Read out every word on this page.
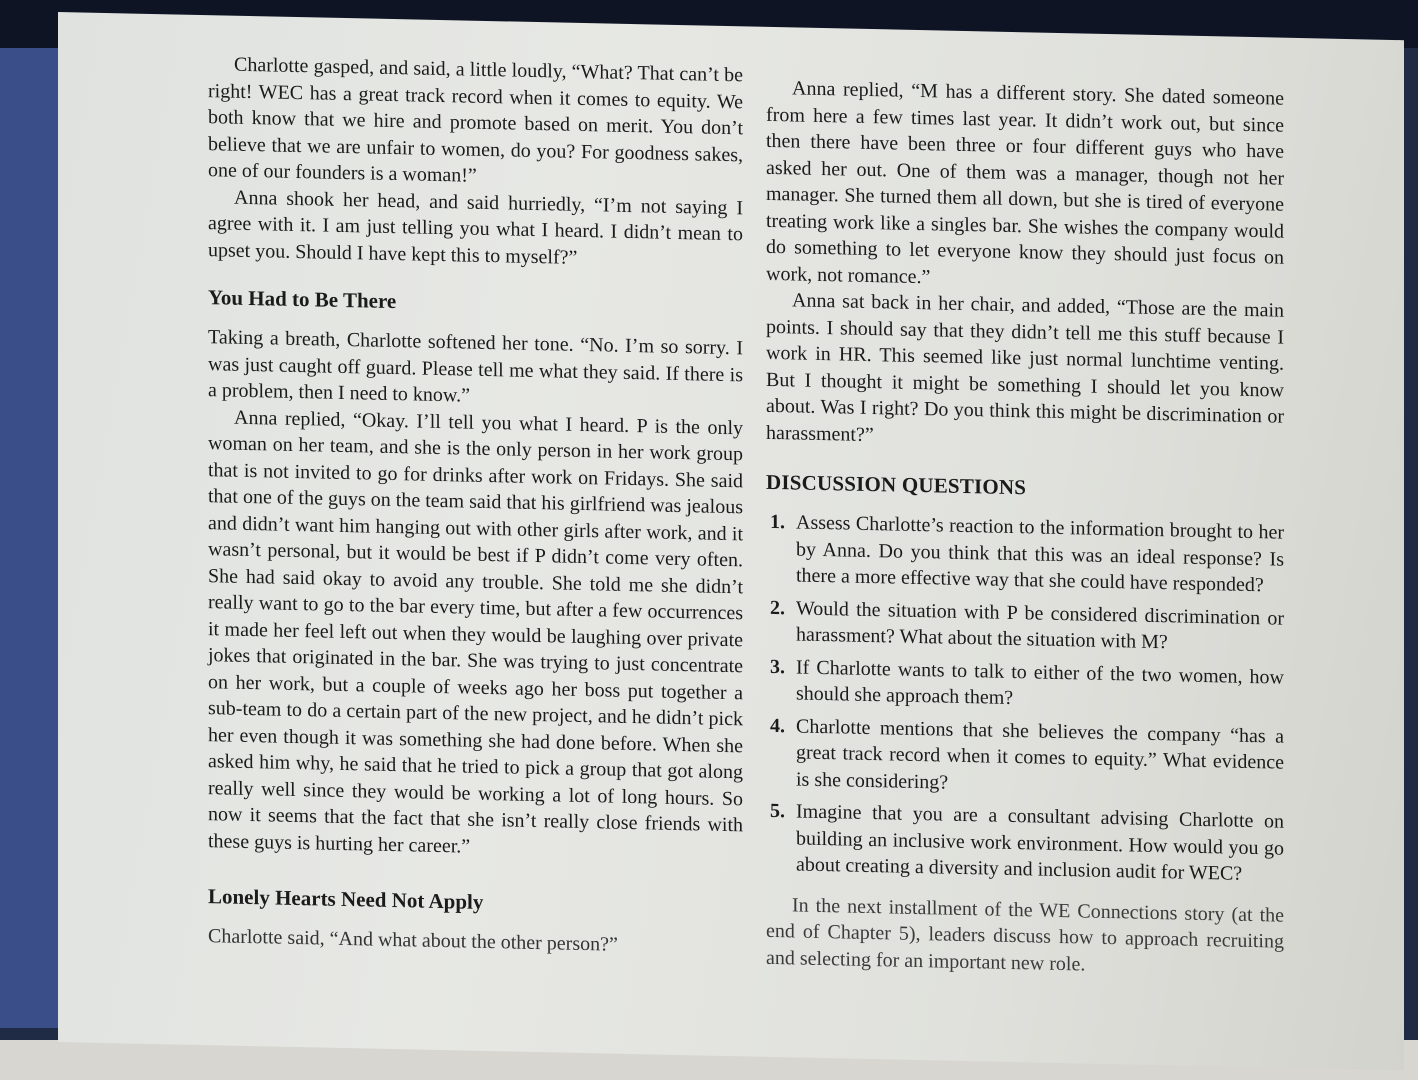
Charlotte gasped, and said, a little loudly, “What? That can’t be right! WEC has a great track record when it comes to equity. We both know that we hire and promote based on merit. You don’t believe that we are unfair to women, do you? For goodness sakes, one of our founders is a woman!”

Anna shook her head, and said hurriedly, “I’m not saying I agree with it. I am just telling you what I heard. I didn’t mean to upset you. Should I have kept this to myself?”

You Had to Be There

Taking a breath, Charlotte softened her tone. “No. I’m so sorry. I was just caught off guard. Please tell me what they said. If there is a problem, then I need to know.”

Anna replied, “Okay. I’ll tell you what I heard. P is the only woman on her team, and she is the only person in her work group that is not invited to go for drinks after work on Fridays. She said that one of the guys on the team said that his girlfriend was jealous and didn’t want him hanging out with other girls after work, and it wasn’t personal, but it would be best if P didn’t come very often. She had said okay to avoid any trouble. She told me she didn’t really want to go to the bar every time, but after a few occurrences it made her feel left out when they would be laughing over private jokes that originated in the bar. She was trying to just concentrate on her work, but a couple of weeks ago her boss put together a sub-team to do a certain part of the new project, and he didn’t pick her even though it was something she had done before. When she asked him why, he said that he tried to pick a group that got along really well since they would be working a lot of long hours. So now it seems that the fact that she isn’t really close friends with these guys is hurting her career.”

Lonely Hearts Need Not Apply

Charlotte said, “And what about the other person?”

Anna replied, “M has a different story. She dated someone from here a few times last year. It didn’t work out, but since then there have been three or four different guys who have asked her out. One of them was a manager, though not her manager. She turned them all down, but she is tired of everyone treating work like a singles bar. She wishes the company would do something to let everyone know they should just focus on work, not romance.”

Anna sat back in her chair, and added, “Those are the main points. I should say that they didn’t tell me this stuff because I work in HR. This seemed like just normal lunchtime venting. But I thought it might be something I should let you know about. Was I right? Do you think this might be discrimination or harassment?”

DISCUSSION QUESTIONS
1. Assess Charlotte’s reaction to the information brought to her by Anna. Do you think that this was an ideal response? Is there a more effective way that she could have responded?
2. Would the situation with P be considered discrimination or harassment? What about the situation with M?
3. If Charlotte wants to talk to either of the two women, how should she approach them?
4. Charlotte mentions that she believes the company “has a great track record when it comes to equity.” What evidence is she considering?
5. Imagine that you are a consultant advising Charlotte on building an inclusive work environment. How would you go about creating a diversity and inclusion audit for WEC?

In the next installment of the WE Connections story (at the end of Chapter 5), leaders discuss how to approach recruiting and selecting for an important new role.
